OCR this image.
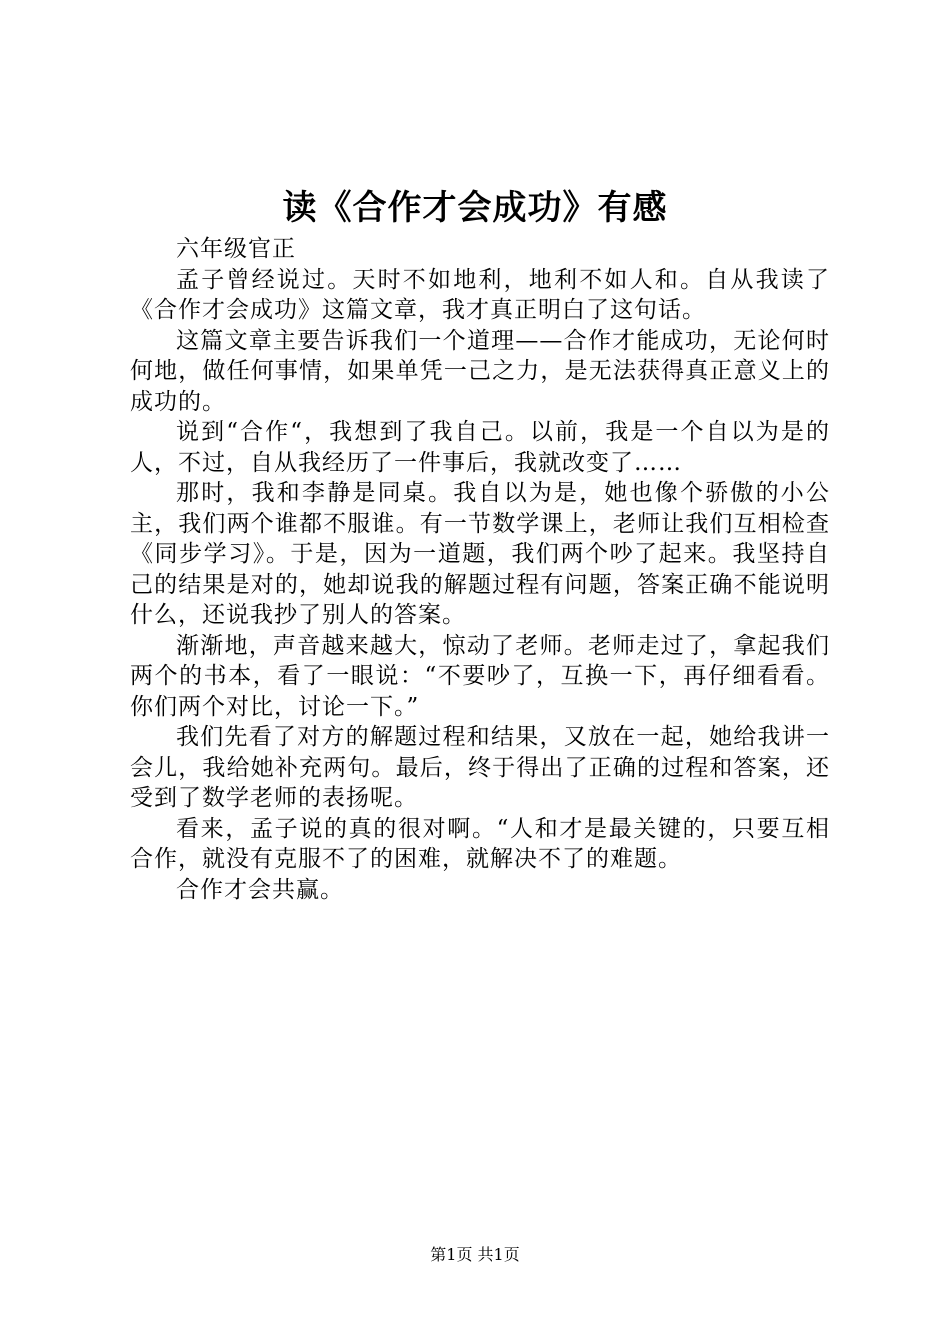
读《合作才会成功》有感

六年级官正

孟子曾经说过。天时不如地利，地利不如人和。自从我读了《合作才会成功》这篇文章，我才真正明白了这句话。

这篇文章主要告诉我们一个道理——合作才能成功，无论何时何地，做任何事情，如果单凭一己之力，是无法获得真正意义上的成功的。

说到“合作“，我想到了我自己。以前，我是一个自以为是的人，不过，自从我经历了一件事后，我就改变了……

那时，我和李静是同桌。我自以为是，她也像个骄傲的小公主，我们两个谁都不服谁。有一节数学课上，老师让我们互相检查《同步学习》。于是，因为一道题，我们两个吵了起来。我坚持自己的结果是对的，她却说我的解题过程有问题，答案正确不能说明什么，还说我抄了别人的答案。

渐渐地，声音越来越大，惊动了老师。老师走过了，拿起我们两个的书本，看了一眼说：“不要吵了，互换一下，再仔细看看。你们两个对比，讨论一下。”

我们先看了对方的解题过程和结果，又放在一起，她给我讲一会儿，我给她补充两句。最后，终于得出了正确的过程和答案，还受到了数学老师的表扬呢。

看来，孟子说的真的很对啊。“人和才是最关键的，只要互相合作，就没有克服不了的困难，就解决不了的难题。

合作才会共赢。

第1页 共1页
